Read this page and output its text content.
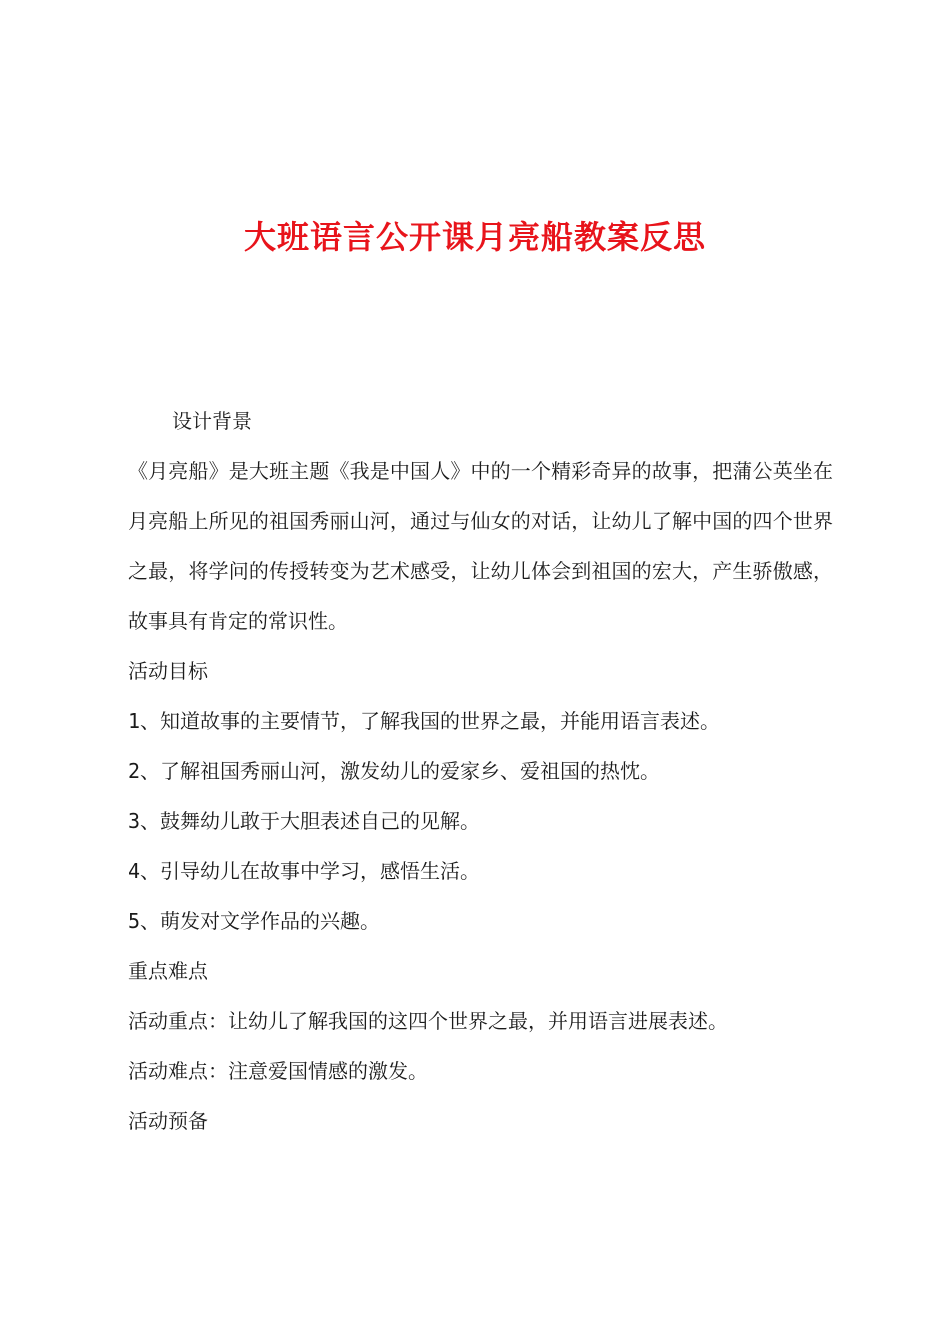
大班语言公开课月亮船教案反思

设计背景

《月亮船》是大班主题《我是中国人》中的一个精彩奇异的故事，把蒲公英坐在月亮船上所见的祖国秀丽山河，通过与仙女的对话，让幼儿了解中国的四个世界之最，将学问的传授转变为艺术感受，让幼儿体会到祖国的宏大，产生骄傲感，故事具有肯定的常识性。

活动目标

1、知道故事的主要情节，了解我国的世界之最，并能用语言表述。

2、了解祖国秀丽山河，激发幼儿的爱家乡、爱祖国的热忱。

3、鼓舞幼儿敢于大胆表述自己的见解。

4、引导幼儿在故事中学习，感悟生活。

5、萌发对文学作品的兴趣。

重点难点

活动重点：让幼儿了解我国的这四个世界之最，并用语言进展表述。

活动难点：注意爱国情感的激发。

活动预备
